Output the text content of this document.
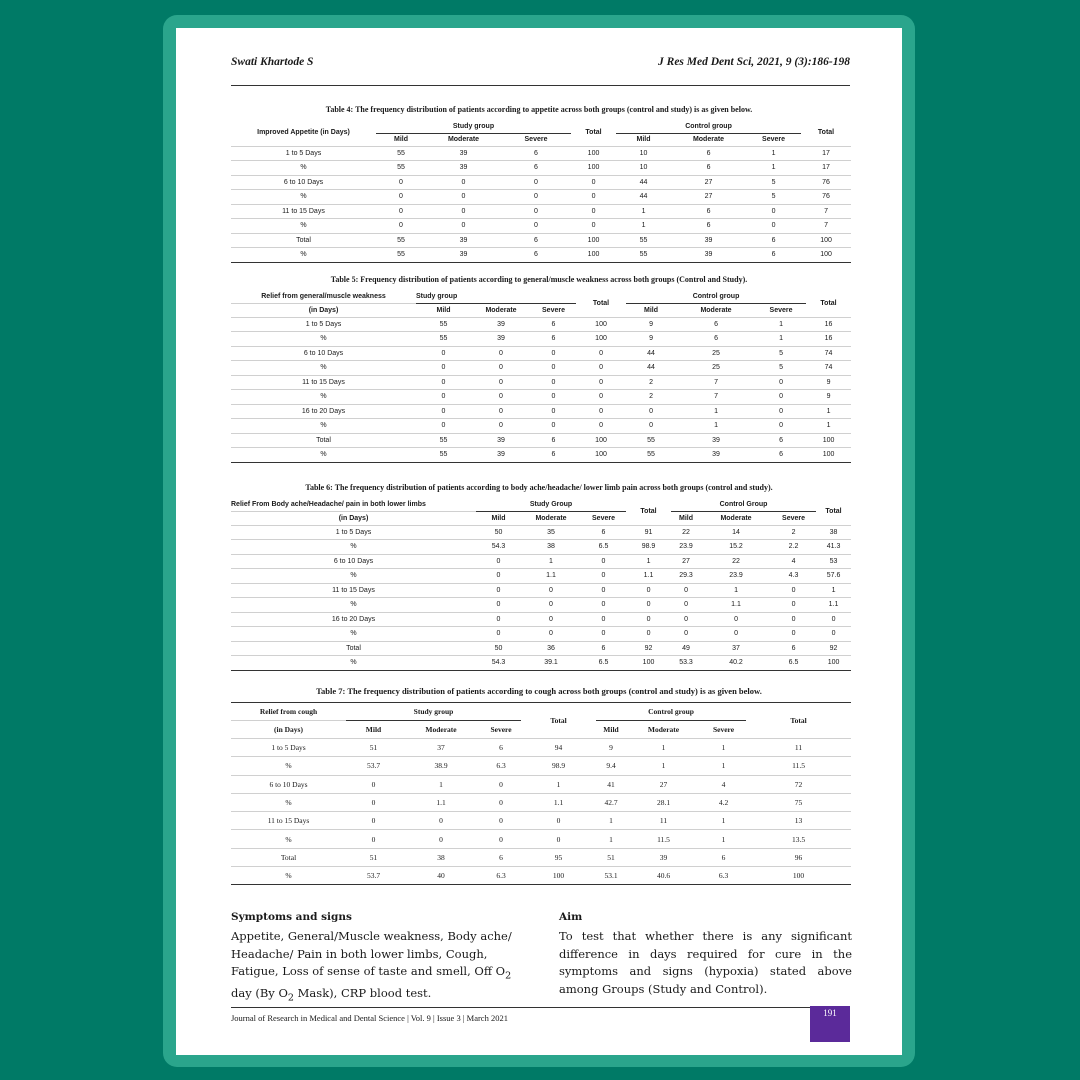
Swati Khartode S	J Res Med Dent Sci, 2021, 9 (3):186-198
Table 4: The frequency distribution of patients according to appetite across both groups (control and study) is as given below.
Improved Appetite (in Days)	Study group			Total	Control group			Total
	Mild	Moderate	Severe		Mild	Moderate	Severe	
1 to 5 Days	55	39	6	100	10	6	1	17
%	55	39	6	100	10	6	1	17
6 to 10 Days	0	0	0	0	44	27	5	76
%	0	0	0	0	44	27	5	76
11 to 15 Days	0	0	0	0	1	6	0	7
%	0	0	0	0	1	6	0	7
Total	55	39	6	100	55	39	6	100
%	55	39	6	100	55	39	6	100
Table 5: Frequency distribution of patients according to general/muscle weakness across both groups (Control and Study).
Relief from general/muscle weakness	Study group			Total	Control group			Total
(in Days)	Mild	Moderate	Severe		Mild	Moderate	Severe	
1 to 5 Days	55	39	6	100	9	6	1	16
%	55	39	6	100	9	6	1	16
6 to 10 Days	0	0	0	0	44	25	5	74
%	0	0	0	0	44	25	5	74
11 to 15 Days	0	0	0	0	2	7	0	9
%	0	0	0	0	2	7	0	9
16 to 20 Days	0	0	0	0	0	1	0	1
%	0	0	0	0	0	1	0	1
Total	55	39	6	100	55	39	6	100
%	55	39	6	100	55	39	6	100
Table 6: The frequency distribution of patients according to body ache/headache/ lower limb pain across both groups (control and study).
Relief From Body ache/Headache/ pain in both lower limbs	Study Group			Total	Control Group			Total
(in Days)	Mild	Moderate	Severe		Mild	Moderate	Severe	
1 to 5 Days	50	35	6	91	22	14	2	38
%	54.3	38	6.5	98.9	23.9	15.2	2.2	41.3
6 to 10 Days	0	1	0	1	27	22	4	53
%	0	1.1	0	1.1	29.3	23.9	4.3	57.6
11 to 15 Days	0	0	0	0	0	1	0	1
%	0	0	0	0	0	1.1	0	1.1
16 to 20 Days	0	0	0	0	0	0	0	0
%	0	0	0	0	0	0	0	0
Total	50	36	6	92	49	37	6	92
%	54.3	39.1	6.5	100	53.3	40.2	6.5	100
Table 7: The frequency distribution of patients according to cough across both groups (control and study) is as given below.
Relief from cough	Study group			Total	Control group			Total
(in Days)	Mild	Moderate	Severe		Mild	Moderate	Severe	
1 to 5 Days	51	37	6	94	9	1	1	11
%	53.7	38.9	6.3	98.9	9.4	1	1	11.5
6 to 10 Days	0	1	0	1	41	27	4	72
%	0	1.1	0	1.1	42.7	28.1	4.2	75
11 to 15 Days	0	0	0	0	1	11	1	13
%	0	0	0	0	1	11.5	1	13.5
Total	51	38	6	95	51	39	6	96
%	53.7	40	6.3	100	53.1	40.6	6.3	100
Symptoms and signs
Appetite, General/Muscle weakness, Body ache/ Headache/ Pain in both lower limbs, Cough, Fatigue, Loss of sense of taste and smell, Off $O_2$ day (By $O_2$ Mask), CRP blood test.
Aim
To test that whether there is any significant difference in days required for cure in the symptoms and signs (hypoxia) stated above among Groups (Study and Control).
Journal of Research in Medical and Dental Science | Vol. 9 | Issue 3 | March 2021	191
